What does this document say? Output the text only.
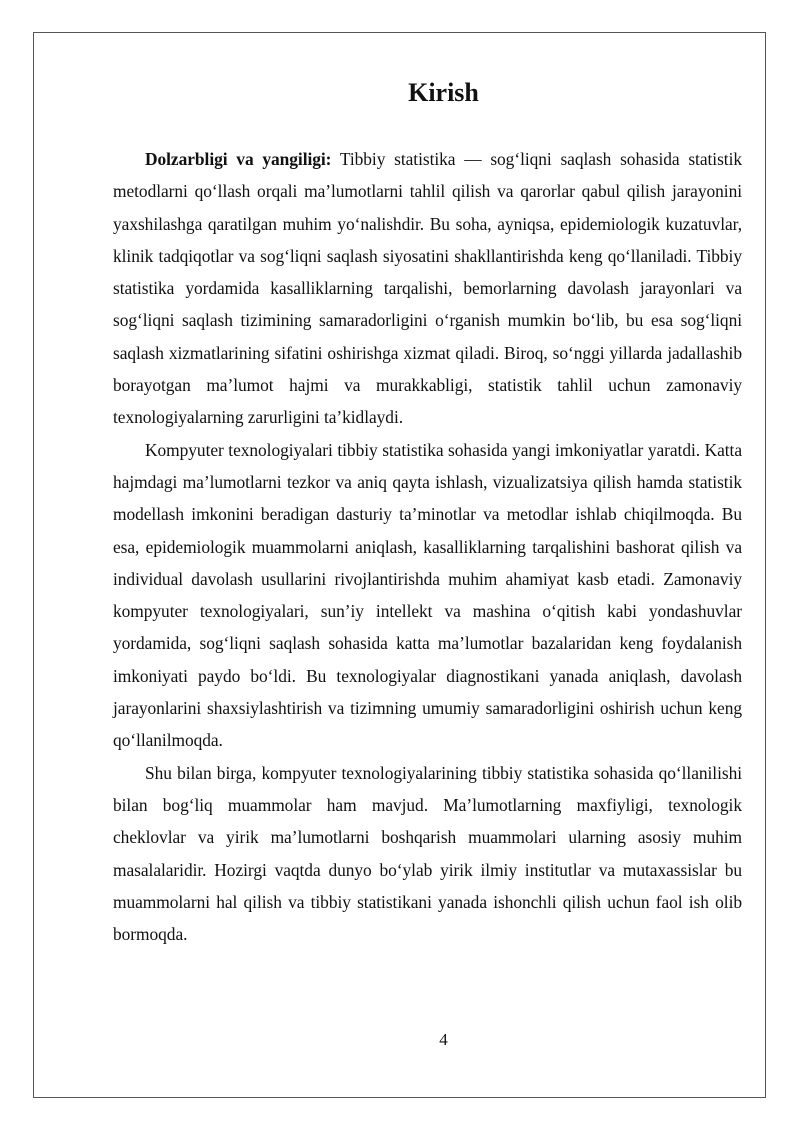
Kirish

Dolzarbligi va yangiligi: Tibbiy statistika — sog‘liqni saqlash sohasida statistik metodlarni qo‘llash orqali ma’lumotlarni tahlil qilish va qarorlar qabul qilish jarayonini yaxshilashga qaratilgan muhim yo‘nalishdir. Bu soha, ayniqsa, epidemiologik kuzatuvlar, klinik tadqiqotlar va sog‘liqni saqlash siyosatini shakllantirishda keng qo‘llaniladi. Tibbiy statistika yordamida kasalliklarning tarqalishi, bemorlarning davolash jarayonlari va sog‘liqni saqlash tizimining samaradorligini o‘rganish mumkin bo‘lib, bu esa sog‘liqni saqlash xizmatlarining sifatini oshirishga xizmat qiladi. Biroq, so‘nggi yillarda jadallashib borayotgan ma’lumot hajmi va murakkabligi, statistik tahlil uchun zamonaviy texnologiyalarning zarurligini ta’kidlaydi.

Kompyuter texnologiyalari tibbiy statistika sohasida yangi imkoniyatlar yaratdi. Katta hajmdagi ma’lumotlarni tezkor va aniq qayta ishlash, vizualizatsiya qilish hamda statistik modellash imkonini beradigan dasturiy ta’minotlar va metodlar ishlab chiqilmoqda. Bu esa, epidemiologik muammolarni aniqlash, kasalliklarning tarqalishini bashorat qilish va individual davolash usullarini rivojlantirishda muhim ahamiyat kasb etadi. Zamonaviy kompyuter texnologiyalari, sun’iy intellekt va mashina o‘qitish kabi yondashuvlar yordamida, sog‘liqni saqlash sohasida katta ma’lumotlar bazalaridan keng foydalanish imkoniyati paydo bo‘ldi. Bu texnologiyalar diagnostikani yanada aniqlash, davolash jarayonlarini shaxsiylashtirish va tizimning umumiy samaradorligini oshirish uchun keng qo‘llanilmoqda.

Shu bilan birga, kompyuter texnologiyalarining tibbiy statistika sohasida qo‘llanilishi bilan bog‘liq muammolar ham mavjud. Ma’lumotlarning maxfiyligi, texnologik cheklovlar va yirik ma’lumotlarni boshqarish muammolari ularning asosiy muhim masalalaridir. Hozirgi vaqtda dunyo bo‘ylab yirik ilmiy institutlar va mutaxassislar bu muammolarni hal qilish va tibbiy statistikani yanada ishonchli qilish uchun faol ish olib bormoqda.

4
